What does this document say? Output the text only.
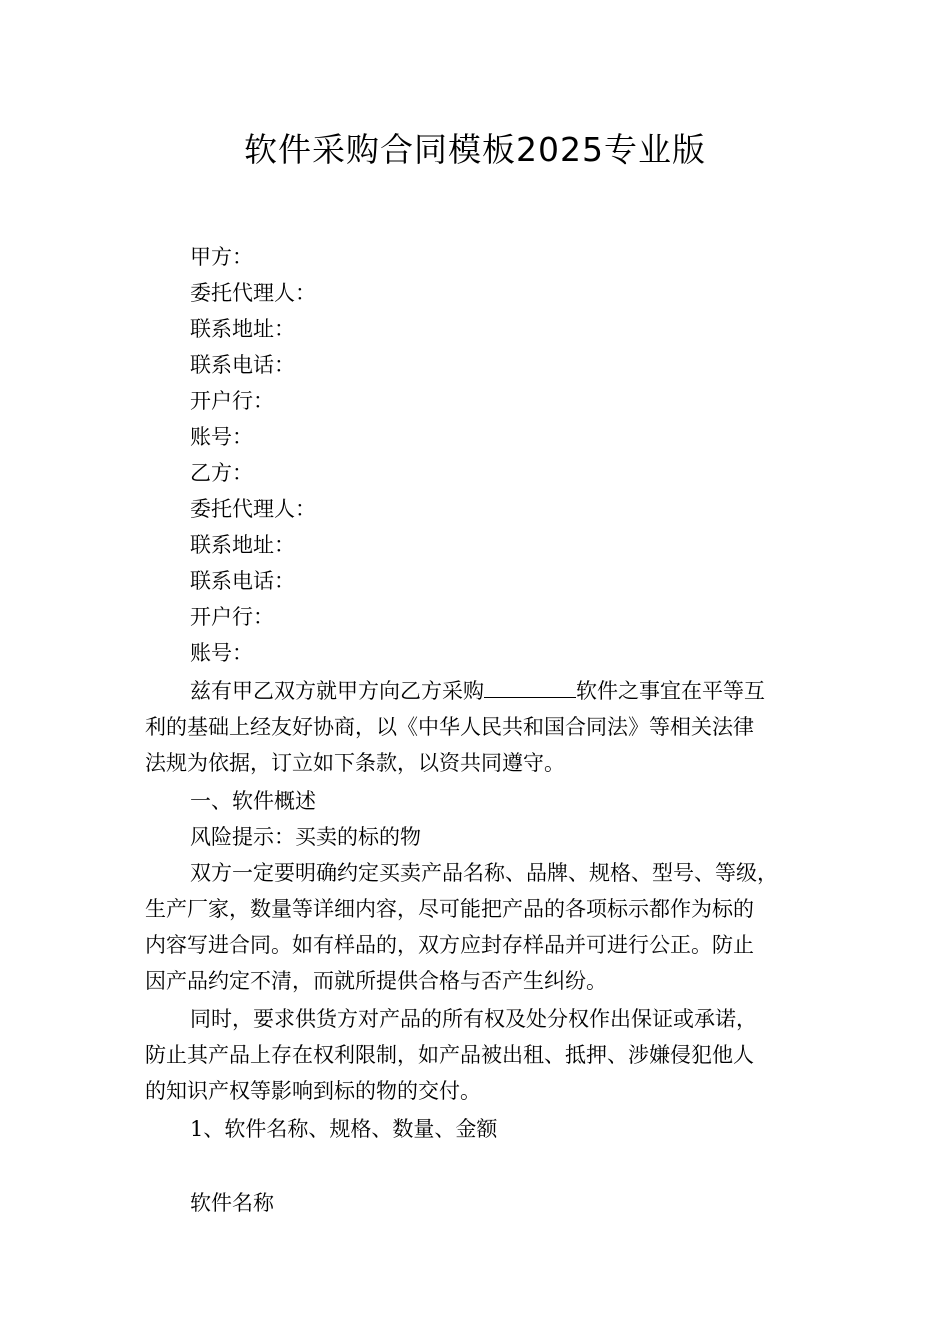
软件采购合同模板2025专业版

甲方：

委托代理人：

联系地址：

联系电话：

开户行：

账号：

乙方：

委托代理人：

联系地址：

联系电话：

开户行：

账号：

兹有甲乙双方就甲方向乙方采购	软件之事宜在平等互

利的基础上经友好协商，以《中华人民共和国合同法》等相关法律

法规为依据，订立如下条款，以资共同遵守。

一、软件概述

风险提示：买卖的标的物

双方一定要明确约定买卖产品名称、品牌、规格、型号、等级，

生产厂家，数量等详细内容，尽可能把产品的各项标示都作为标的

内容写进合同。如有样品的，双方应封存样品并可进行公正。防止

因产品约定不清，而就所提供合格与否产生纠纷。

同时，要求供货方对产品的所有权及处分权作出保证或承诺，

防止其产品上存在权利限制，如产品被出租、抵押、涉嫌侵犯他人

的知识产权等影响到标的物的交付。

1、软件名称、规格、数量、金额

软件名称
